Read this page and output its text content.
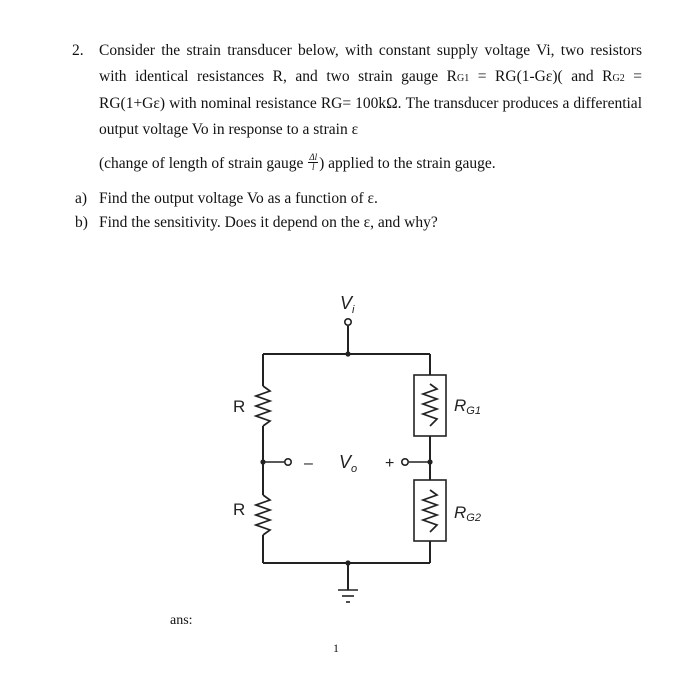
2. Consider the strain transducer below, with constant supply voltage Vi, two resistors with identical resistances R, and two strain gauge RG1 = RG(1-Gε)( and RG2 = RG(1+Gε) with nominal resistance RG= 100kΩ. The transducer produces a differential output voltage Vo in response to a strain ε
(change of length of strain gauge $\frac{\Delta l}{l}$ ) applied to the strain gauge.
a) Find the output voltage Vo as a function of ε.
b) Find the sensitivity. Does it depend on the ε, and why?
$V_i$
R
R
RG1
RG2
– $V_o$ +
ans:
1
